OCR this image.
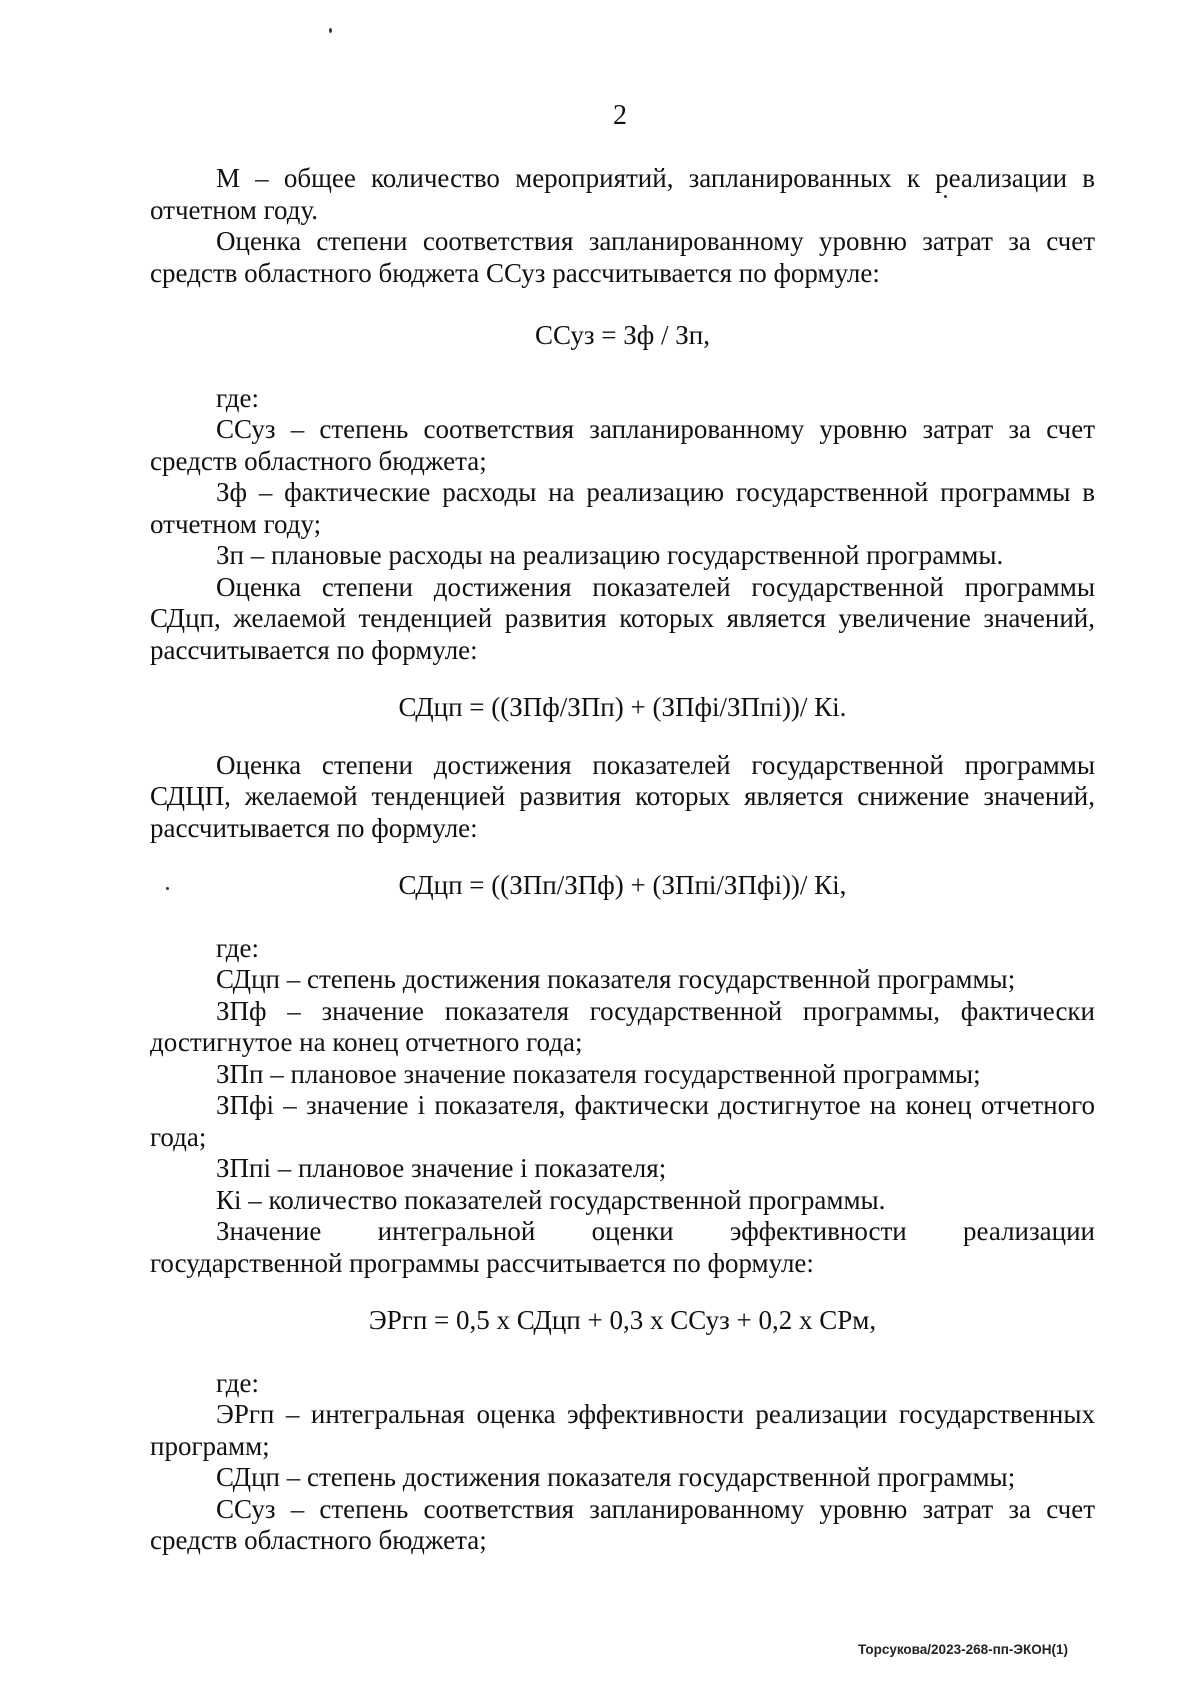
2

М – общее количество мероприятий, запланированных к реализации в отчетном году.

Оценка степени соответствия запланированному уровню затрат за счет средств областного бюджета ССуз рассчитывается по формуле:

ССуз = Зф / Зп,

где:

ССуз – степень соответствия запланированному уровню затрат за счет средств областного бюджета;

Зф – фактические расходы на реализацию государственной программы в отчетном году;

Зп – плановые расходы на реализацию государственной программы.

Оценка степени достижения показателей государственной программы СДцп, желаемой тенденцией развития которых является увеличение значений, рассчитывается по формуле:

СДцп = ((ЗПф/ЗПп) + (ЗПфi/ЗПпi))/ Кi.

Оценка степени достижения показателей государственной программы СДЦП, желаемой тенденцией развития которых является снижение значений, рассчитывается по формуле:

СДцп = ((ЗПп/ЗПф) + (ЗПпi/ЗПфi))/ Кi,

где:

СДцп – степень достижения показателя государственной программы;

ЗПф – значение показателя государственной программы, фактически достигнутое на конец отчетного года;

ЗПп – плановое значение показателя государственной программы;

ЗПфi – значение i показателя, фактически достигнутое на конец отчетного года;

ЗПпi – плановое значение i показателя;

Кi – количество показателей государственной программы.

Значение интегральной оценки эффективности реализации государственной программы рассчитывается по формуле:

ЭРгп = 0,5 х СДцп + 0,3 х ССуз + 0,2 х СРм,

где:

ЭРгп – интегральная оценка эффективности реализации государственных программ;

СДцп – степень достижения показателя государственной программы;

ССуз – степень соответствия запланированному уровню затрат за счет средств областного бюджета;

Торсукова/2023-268-пп-ЭКОН(1)
